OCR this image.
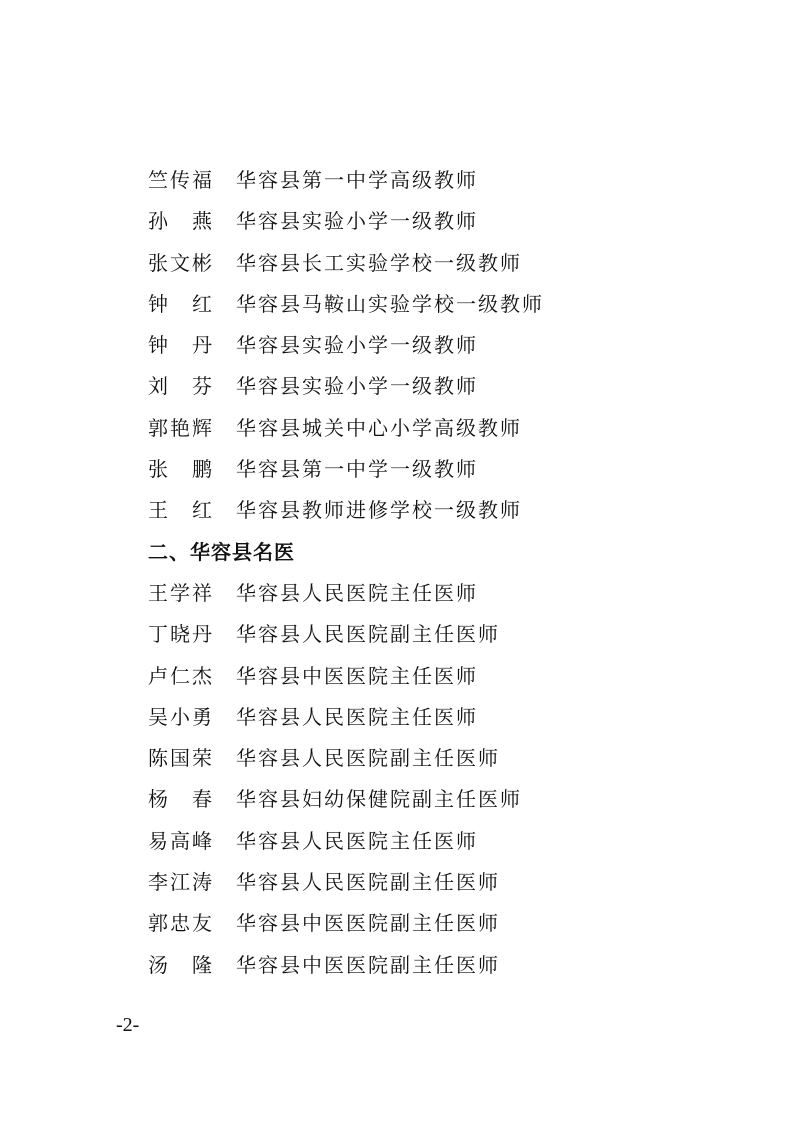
竺传福 华容县第一中学高级教师
孙 燕 华容县实验小学一级教师
张文彬 华容县长工实验学校一级教师
钟 红 华容县马鞍山实验学校一级教师
钟 丹 华容县实验小学一级教师
刘 芬 华容县实验小学一级教师
郭艳辉 华容县城关中心小学高级教师
张 鹏 华容县第一中学一级教师
王 红 华容县教师进修学校一级教师
二、华容县名医
王学祥 华容县人民医院主任医师
丁晓丹 华容县人民医院副主任医师
卢仁杰 华容县中医医院主任医师
吴小勇 华容县人民医院主任医师
陈国荣 华容县人民医院副主任医师
杨 春 华容县妇幼保健院副主任医师
易高峰 华容县人民医院主任医师
李江涛 华容县人民医院副主任医师
郭忠友 华容县中医医院副主任医师
汤 隆 华容县中医医院副主任医师
-2-
